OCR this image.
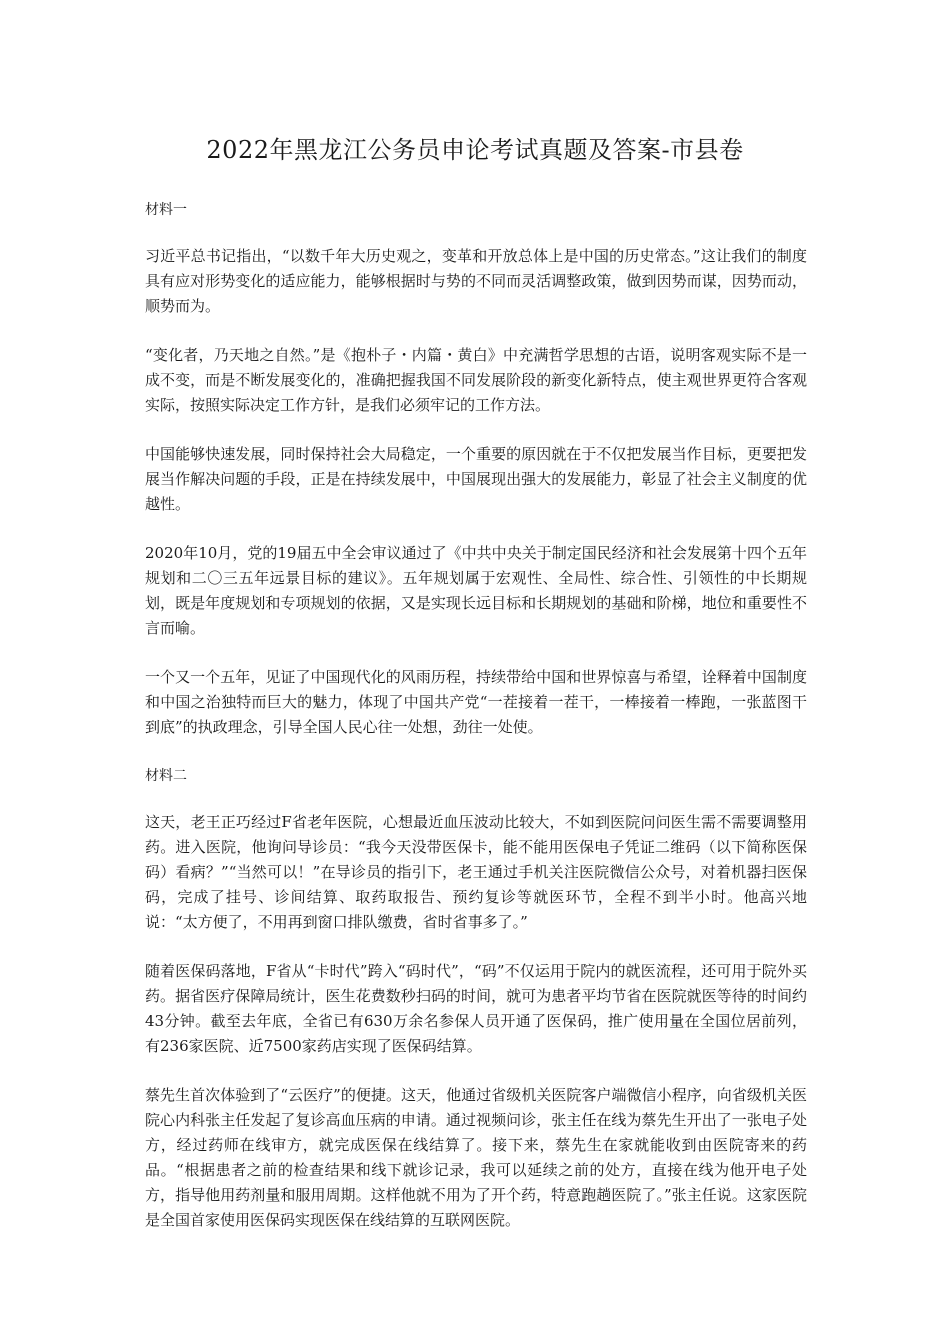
2022年黑龙江公务员申论考试真题及答案-市县卷

材料一

习近平总书记指出，“以数千年大历史观之，变革和开放总体上是中国的历史常态。”这让我们的制度具有应对形势变化的适应能力，能够根据时与势的不同而灵活调整政策，做到因势而谋，因势而动，顺势而为。

“变化者，乃天地之自然。”是《抱朴子・内篇・黄白》中充满哲学思想的古语，说明客观实际不是一成不变，而是不断发展变化的，准确把握我国不同发展阶段的新变化新特点，使主观世界更符合客观实际，按照实际决定工作方针，是我们必须牢记的工作方法。

中国能够快速发展，同时保持社会大局稳定，一个重要的原因就在于不仅把发展当作目标，更要把发展当作解决问题的手段，正是在持续发展中，中国展现出强大的发展能力，彰显了社会主义制度的优越性。

2020年10月，党的19届五中全会审议通过了《中共中央关于制定国民经济和社会发展第十四个五年规划和二〇三五年远景目标的建议》。五年规划属于宏观性、全局性、综合性、引领性的中长期规划，既是年度规划和专项规划的依据，又是实现长远目标和长期规划的基础和阶梯，地位和重要性不言而喻。

一个又一个五年，见证了中国现代化的风雨历程，持续带给中国和世界惊喜与希望，诠释着中国制度和中国之治独特而巨大的魅力，体现了中国共产党“一茬接着一茬干，一棒接着一棒跑，一张蓝图干到底”的执政理念，引导全国人民心往一处想，劲往一处使。

材料二

这天，老王正巧经过F省老年医院，心想最近血压波动比较大，不如到医院问问医生需不需要调整用药。进入医院，他询问导诊员：“我今天没带医保卡，能不能用医保电子凭证二维码（以下简称医保码）看病？”“当然可以！”在导诊员的指引下，老王通过手机关注医院微信公众号，对着机器扫医保码，完成了挂号、诊间结算、取药取报告、预约复诊等就医环节，全程不到半小时。他高兴地说：“太方便了，不用再到窗口排队缴费，省时省事多了。”

随着医保码落地，F省从“卡时代”跨入“码时代”，“码”不仅运用于院内的就医流程，还可用于院外买药。据省医疗保障局统计，医生花费数秒扫码的时间，就可为患者平均节省在医院就医等待的时间约43分钟。截至去年底，全省已有630万余名参保人员开通了医保码，推广使用量在全国位居前列，有236家医院、近7500家药店实现了医保码结算。

蔡先生首次体验到了“云医疗”的便捷。这天，他通过省级机关医院客户端微信小程序，向省级机关医院心内科张主任发起了复诊高血压病的申请。通过视频问诊，张主任在线为蔡先生开出了一张电子处方，经过药师在线审方，就完成医保在线结算了。接下来，蔡先生在家就能收到由医院寄来的药品。“根据患者之前的检查结果和线下就诊记录，我可以延续之前的处方，直接在线为他开电子处方，指导他用药剂量和服用周期。这样他就不用为了开个药，特意跑趟医院了。”张主任说。这家医院是全国首家使用医保码实现医保在线结算的互联网医院。
